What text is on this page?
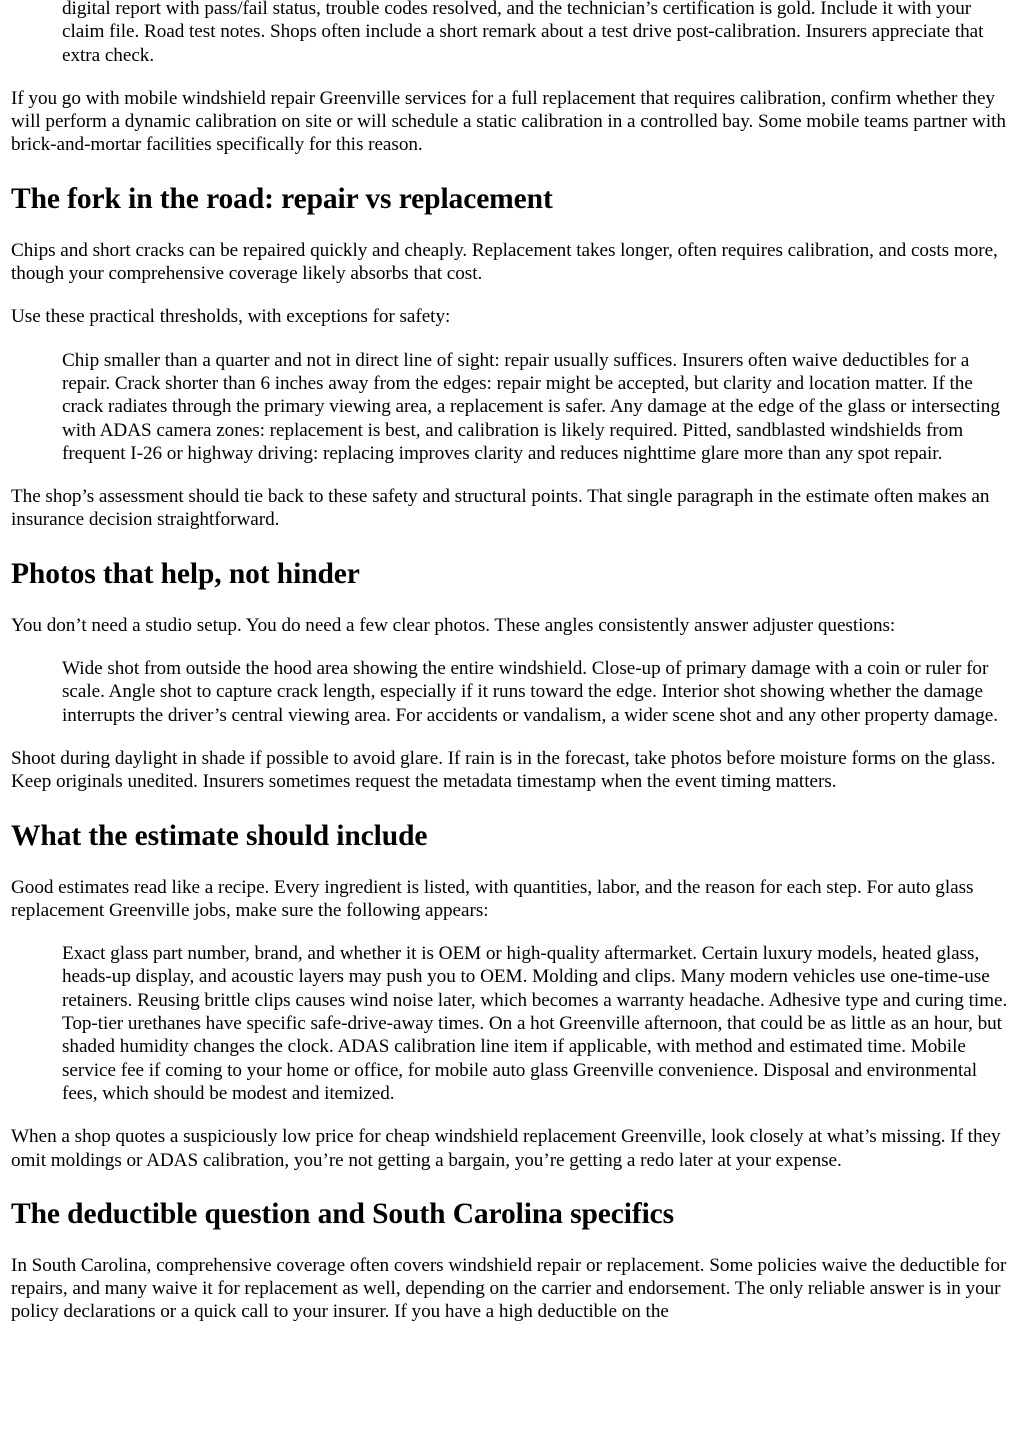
digital report with pass/fail status, trouble codes resolved, and the technician’s certification is gold. Include it with your claim file. Road test notes. Shops often include a short remark about a test drive post-calibration. Insurers appreciate that extra check.

If you go with mobile windshield repair Greenville services for a full replacement that requires calibration, confirm whether they will perform a dynamic calibration on site or will schedule a static calibration in a controlled bay. Some mobile teams partner with brick-and-mortar facilities specifically for this reason.

The fork in the road: repair vs replacement

Chips and short cracks can be repaired quickly and cheaply. Replacement takes longer, often requires calibration, and costs more, though your comprehensive coverage likely absorbs that cost.

Use these practical thresholds, with exceptions for safety:

Chip smaller than a quarter and not in direct line of sight: repair usually suffices. Insurers often waive deductibles for a repair. Crack shorter than 6 inches away from the edges: repair might be accepted, but clarity and location matter. If the crack radiates through the primary viewing area, a replacement is safer. Any damage at the edge of the glass or intersecting with ADAS camera zones: replacement is best, and calibration is likely required. Pitted, sandblasted windshields from frequent I-26 or highway driving: replacing improves clarity and reduces nighttime glare more than any spot repair.

The shop’s assessment should tie back to these safety and structural points. That single paragraph in the estimate often makes an insurance decision straightforward.

Photos that help, not hinder

You don’t need a studio setup. You do need a few clear photos. These angles consistently answer adjuster questions:

Wide shot from outside the hood area showing the entire windshield. Close-up of primary damage with a coin or ruler for scale. Angle shot to capture crack length, especially if it runs toward the edge. Interior shot showing whether the damage interrupts the driver’s central viewing area. For accidents or vandalism, a wider scene shot and any other property damage.

Shoot during daylight in shade if possible to avoid glare. If rain is in the forecast, take photos before moisture forms on the glass. Keep originals unedited. Insurers sometimes request the metadata timestamp when the event timing matters.

What the estimate should include

Good estimates read like a recipe. Every ingredient is listed, with quantities, labor, and the reason for each step. For auto glass replacement Greenville jobs, make sure the following appears:

Exact glass part number, brand, and whether it is OEM or high-quality aftermarket. Certain luxury models, heated glass, heads-up display, and acoustic layers may push you to OEM. Molding and clips. Many modern vehicles use one-time-use retainers. Reusing brittle clips causes wind noise later, which becomes a warranty headache. Adhesive type and curing time. Top-tier urethanes have specific safe-drive-away times. On a hot Greenville afternoon, that could be as little as an hour, but shaded humidity changes the clock. ADAS calibration line item if applicable, with method and estimated time. Mobile service fee if coming to your home or office, for mobile auto glass Greenville convenience. Disposal and environmental fees, which should be modest and itemized.

When a shop quotes a suspiciously low price for cheap windshield replacement Greenville, look closely at what’s missing. If they omit moldings or ADAS calibration, you’re not getting a bargain, you’re getting a redo later at your expense.

The deductible question and South Carolina specifics

In South Carolina, comprehensive coverage often covers windshield repair or replacement. Some policies waive the deductible for repairs, and many waive it for replacement as well, depending on the carrier and endorsement. The only reliable answer is in your policy declarations or a quick call to your insurer. If you have a high deductible on the
